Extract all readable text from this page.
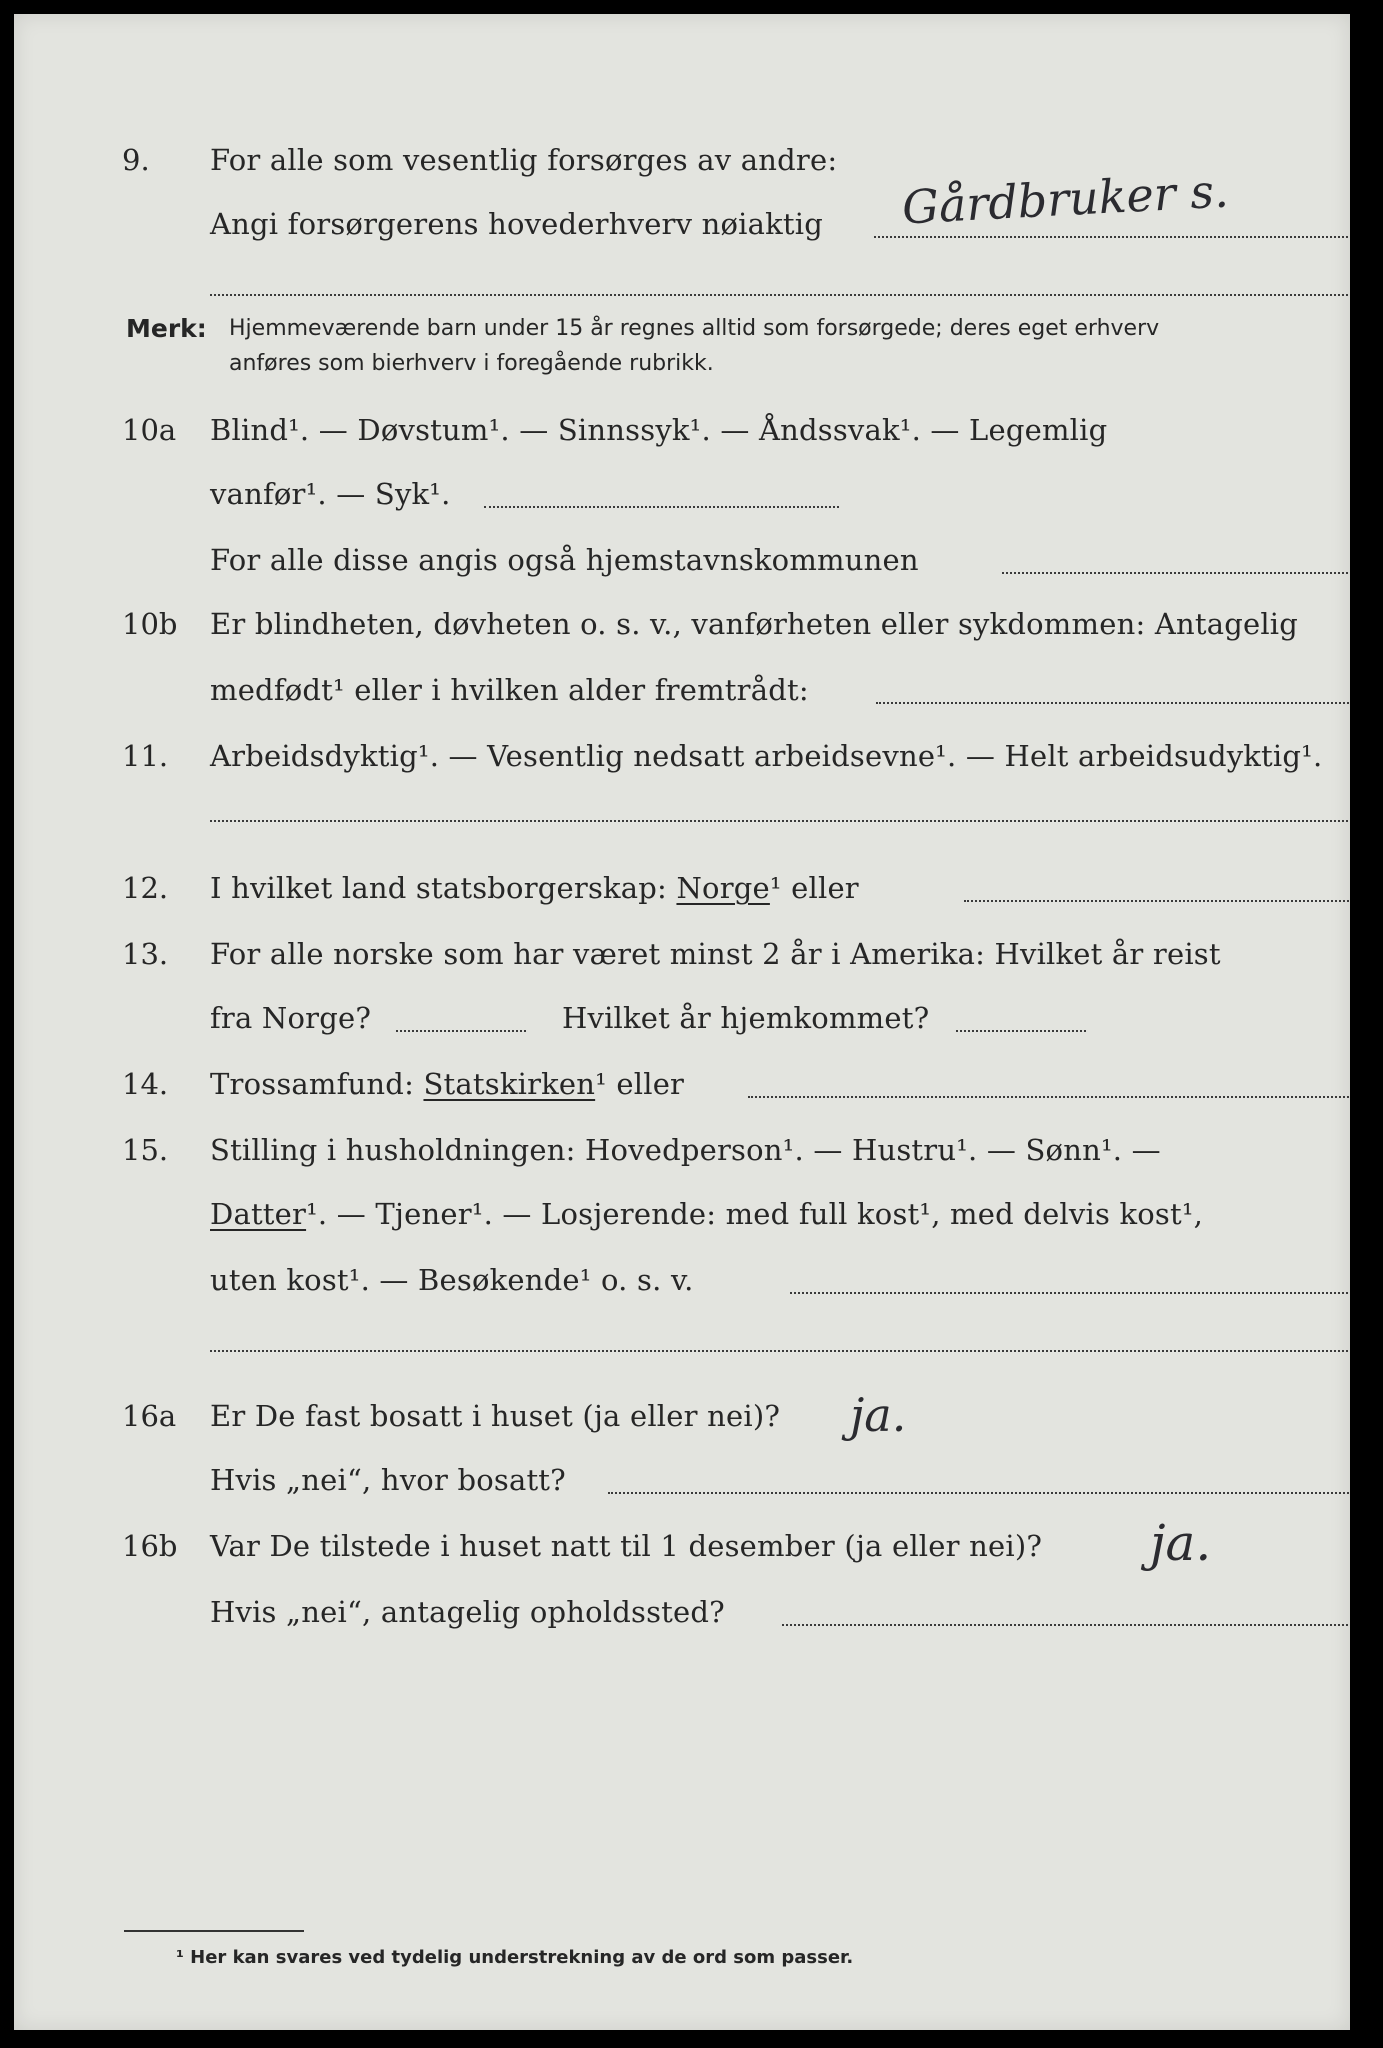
9. For alle som vesentlig forsørges av andre:
Gårdbruker s.
Angi forsørgerens hovederhverv nøiaktig
Merk: Hjemmeværende barn under 15 år regnes alltid som forsørgede; deres eget erhverv
anføres som bierhverv i foregående rubrikk.
10a Blind¹. — Døvstum¹. — Sinnssyk¹. — Åndssvak¹. — Legemlig
vanfør¹. — Syk¹.
For alle disse angis også hjemstavnskommunen
10b Er blindheten, døvheten o. s. v., vanførheten eller sykdommen: Antagelig
medfødt¹ eller i hvilken alder fremtrådt:
11. Arbeidsdyktig¹. — Vesentlig nedsatt arbeidsevne¹. — Helt arbeidsudyktig¹.
12. I hvilket land statsborgerskap: Norge¹ eller
13. For alle norske som har været minst 2 år i Amerika: Hvilket år reist
fra Norge?	Hvilket år hjemkommet?
14. Trossamfund: Statskirken¹ eller
15. Stilling i husholdningen: Hovedperson¹. — Hustru¹. — Sønn¹. —
Datter¹. — Tjener¹. — Losjerende: med full kost¹, med delvis kost¹,
uten kost¹. — Besøkende¹ o. s. v.
16a Er De fast bosatt i huset (ja eller nei)? ja.
Hvis „nei“, hvor bosatt?
16b Var De tilstede i huset natt til 1 desember (ja eller nei)? ja.
Hvis „nei“, antagelig opholdssted?
¹ Her kan svares ved tydelig understrekning av de ord som passer.
